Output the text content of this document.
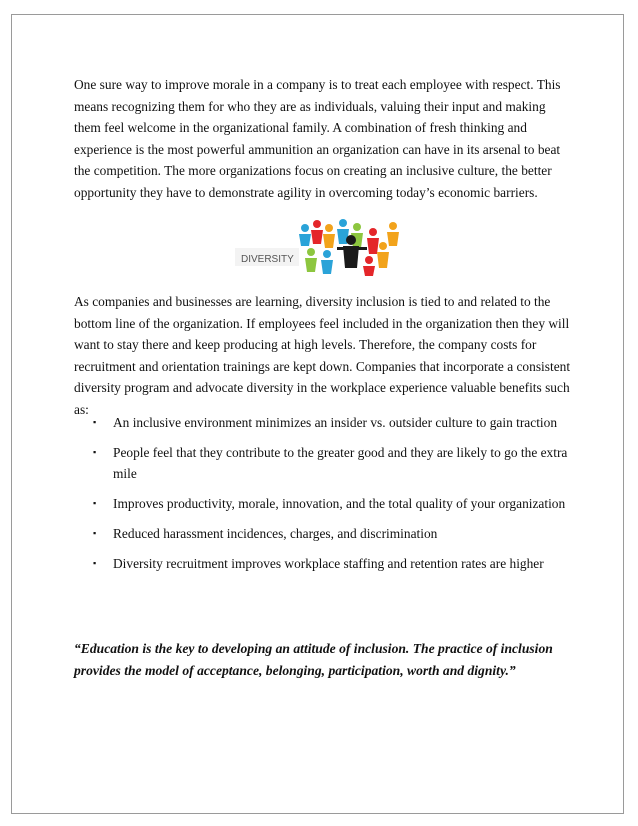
One sure way to improve morale in a company is to treat each employee with respect. This means recognizing them for who they are as individuals, valuing their input and making them feel welcome in the organizational family. A combination of fresh thinking and experience is the most powerful ammunition an organization can have in its arsenal to beat the competition. The more organizations focus on creating an inclusive culture, the better opportunity they have to demonstrate agility in overcoming today’s economic barriers.

DIVERSITY

As companies and businesses are learning, diversity inclusion is tied to and related to the bottom line of the organization. If employees feel included in the organization then they will want to stay there and keep producing at high levels. Therefore, the company costs for recruitment and orientation trainings are kept down. Companies that incorporate a consistent diversity program and advocate diversity in the workplace experience valuable benefits such as:

▪ An inclusive environment minimizes an insider vs. outsider culture to gain traction
▪ People feel that they contribute to the greater good and they are likely to go the extra mile
▪ Improves productivity, morale, innovation, and the total quality of your organization
▪ Reduced harassment incidences, charges, and discrimination
▪ Diversity recruitment improves workplace staffing and retention rates are higher

“Education is the key to developing an attitude of inclusion. The practice of inclusion provides the model of acceptance, belonging, participation, worth and dignity.”
